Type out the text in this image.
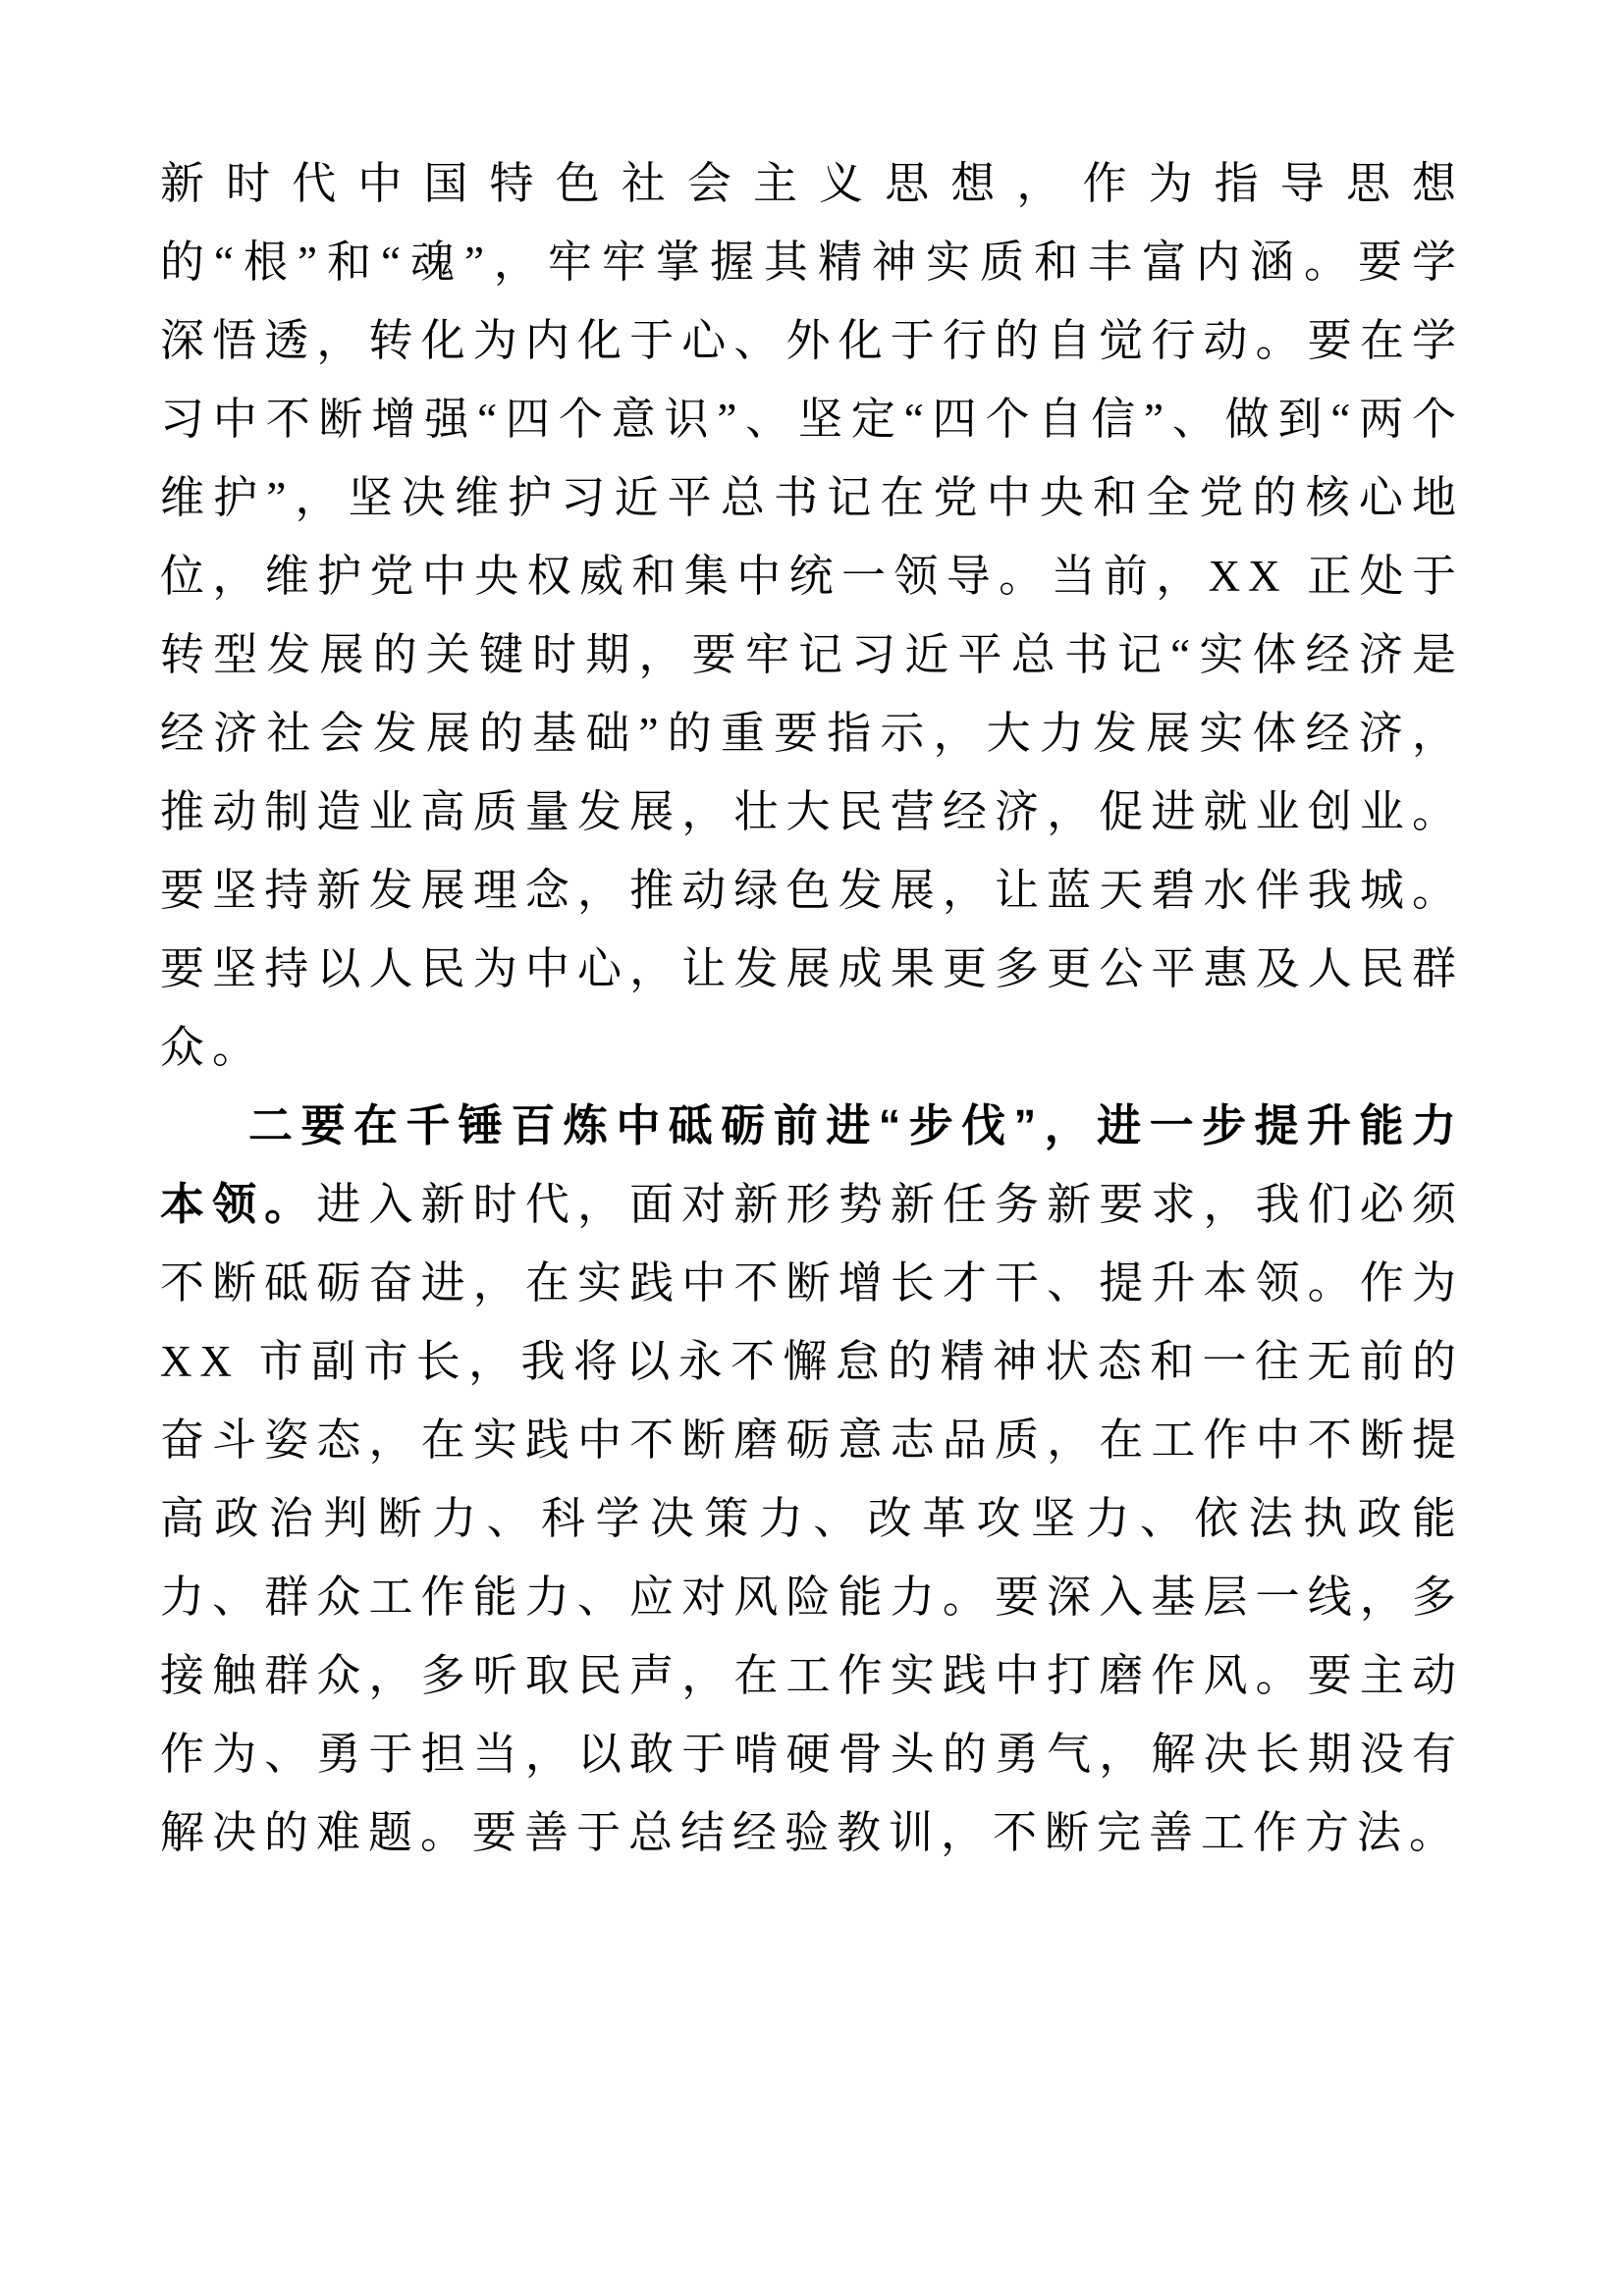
新时代中国特色社会主义思想，作为指导思想的“根”和“魂”，牢牢掌握其精神实质和丰富内涵。要学深悟透，转化为内化于心、外化于行的自觉行动。要在学习中不断增强“四个意识”、坚定“四个自信”、做到“两个维护”，坚决维护习近平总书记在党中央和全党的核心地位，维护党中央权威和集中统一领导。当前，XX 正处于转型发展的关键时期，要牢记习近平总书记“实体经济是经济社会发展的基础”的重要指示，大力发展实体经济，推动制造业高质量发展，壮大民营经济，促进就业创业。要坚持新发展理念，推动绿色发展，让蓝天碧水伴我城。要坚持以人民为中心，让发展成果更多更公平惠及人民群众。

二要在千锤百炼中砥砺前进“步伐”，进一步提升能力本领。进入新时代，面对新形势新任务新要求，我们必须不断砥砺奋进，在实践中不断增长才干、提升本领。作为 XX 市副市长，我将以永不懈怠的精神状态和一往无前的奋斗姿态，在实践中不断磨砺意志品质，在工作中不断提高政治判断力、科学决策力、改革攻坚力、依法执政能力、群众工作能力、应对风险能力。要深入基层一线，多接触群众，多听取民声，在工作实践中打磨作风。要主动作为、勇于担当，以敢于啃硬骨头的勇气，解决长期没有解决的难题。要善于总结经验教训，不断完善工作方法。
